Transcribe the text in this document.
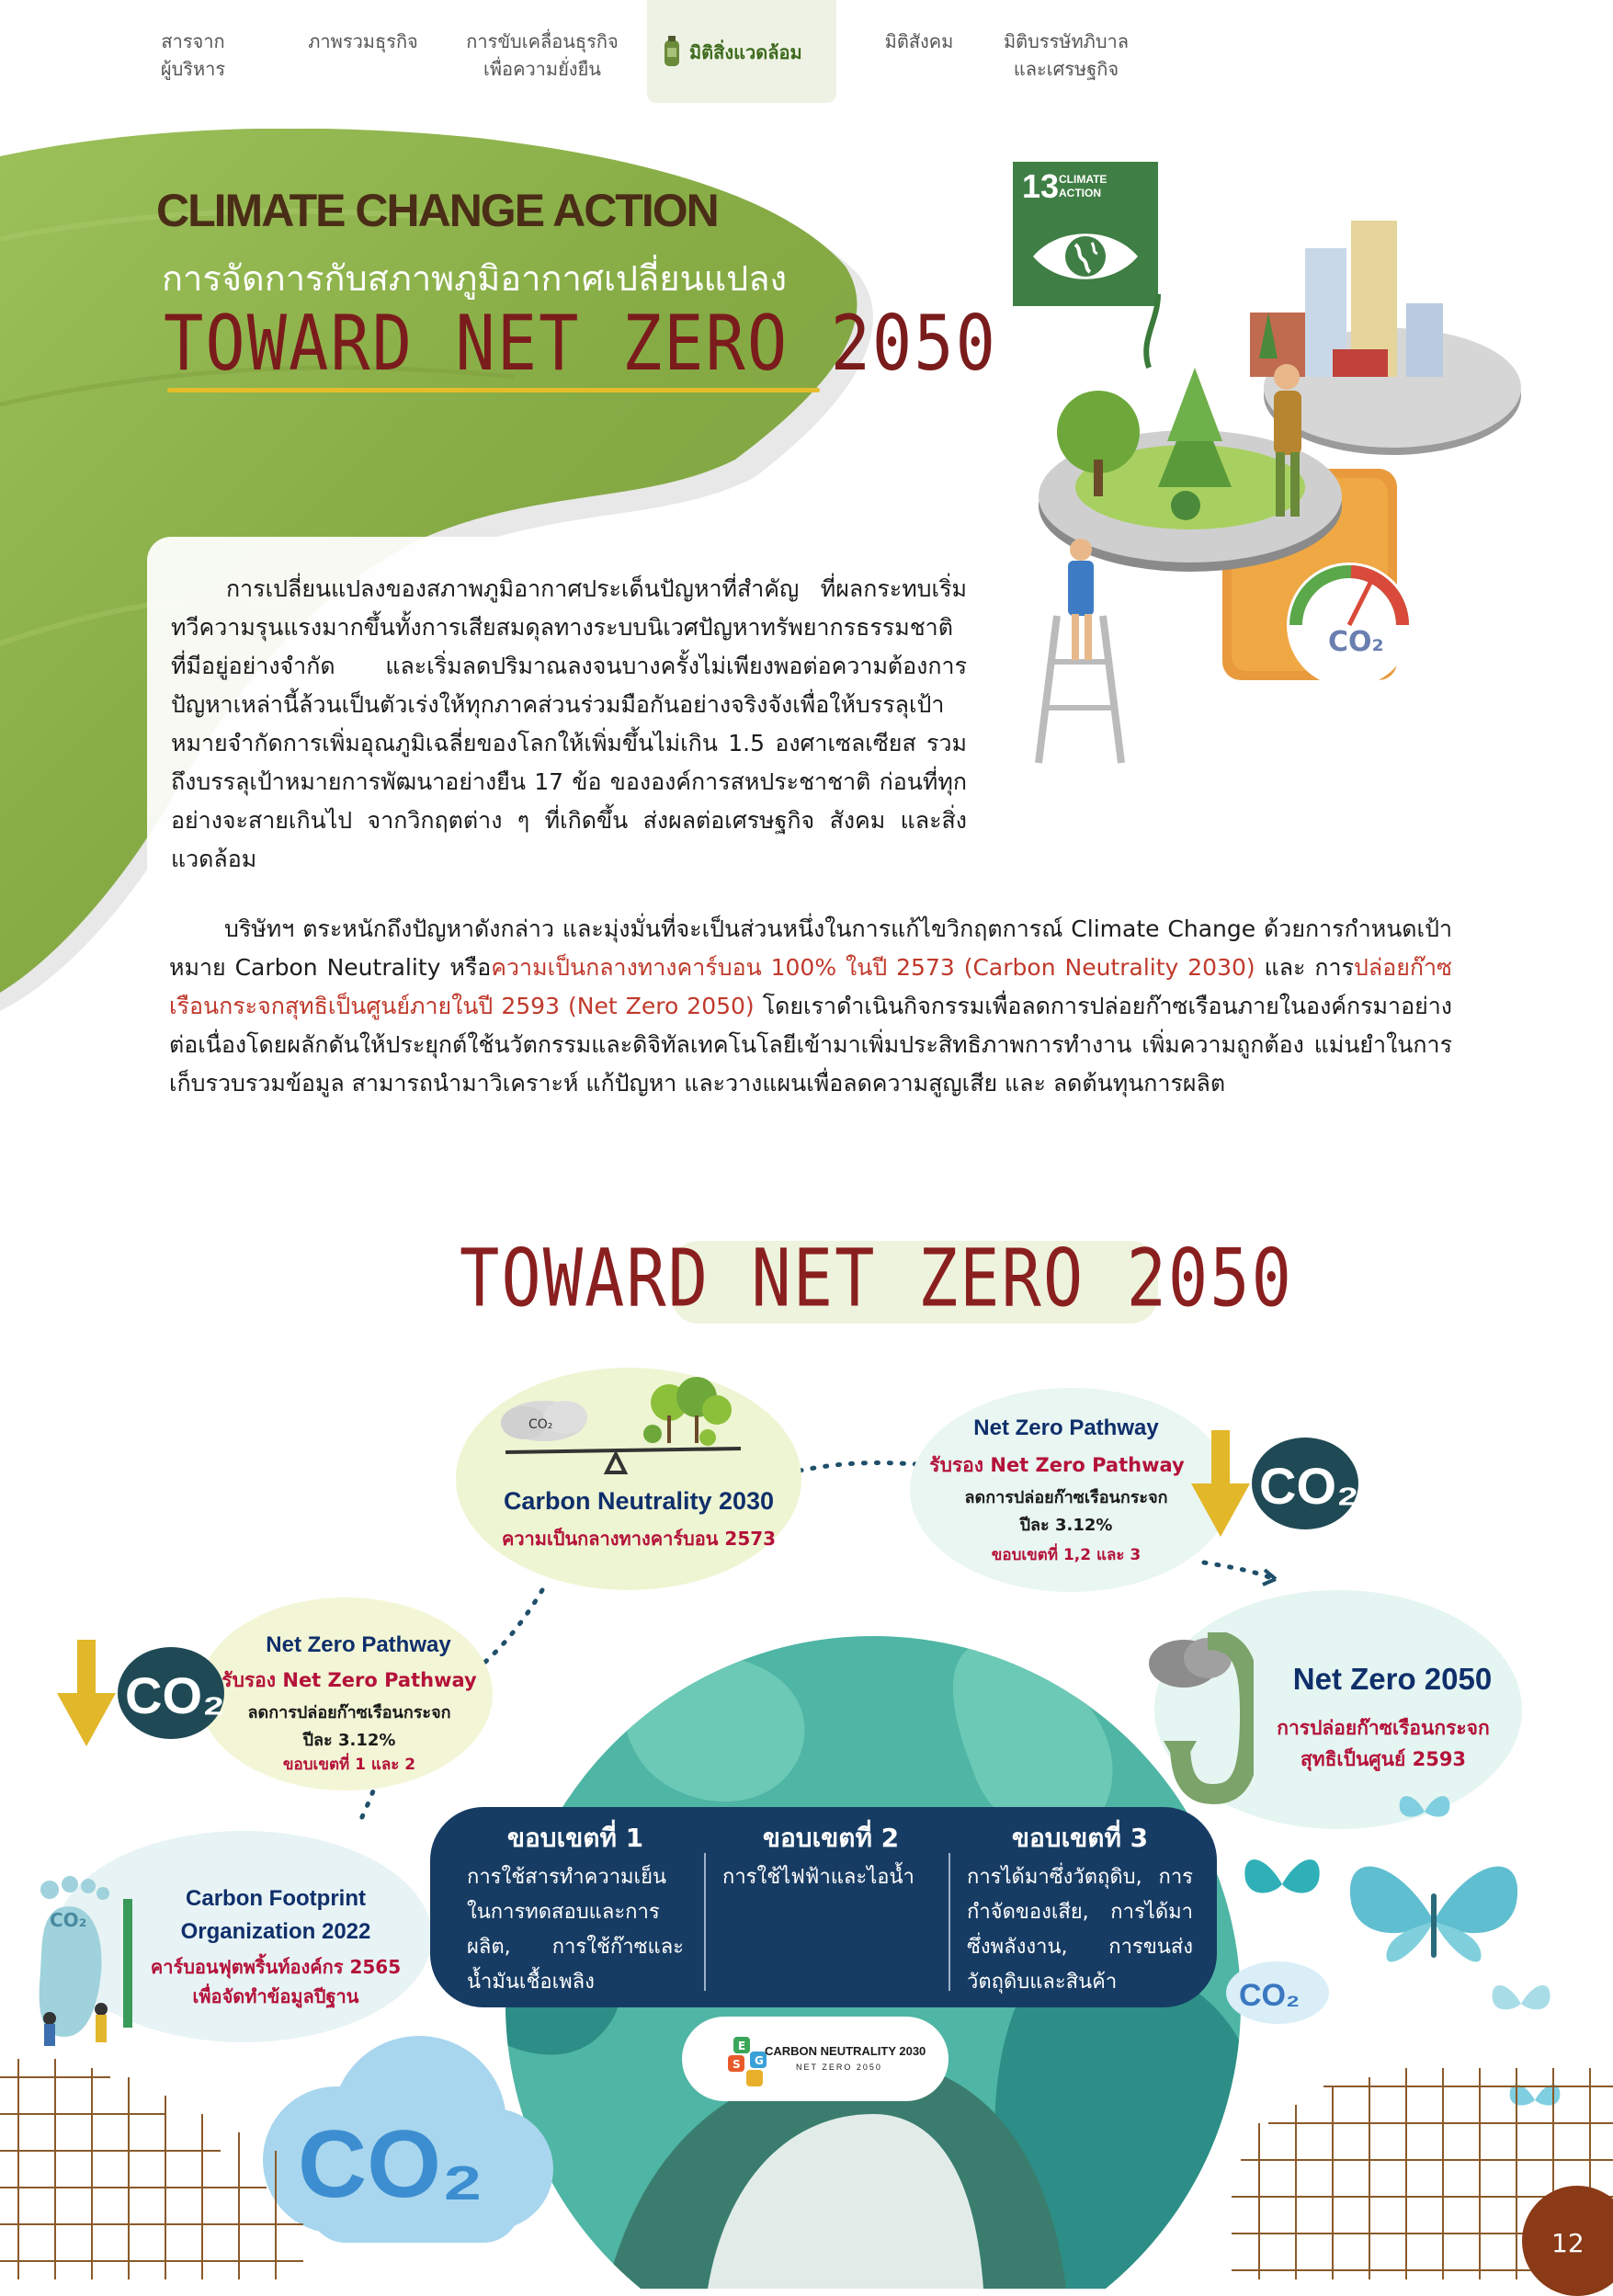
สารจาก
ผู้บริหาร
ภาพรวมธุรกิจ	การขับเคลื่อนธุรกิจ
เพื่อความยั่งยืน
มิติสิ่งแวดล้อม	มิติสังคม	มิติบรรษัทภิบาล
และเศรษฐกิจ
CLIMATE CHANGE ACTION
การจัดการกับสภาพภูมิอากาศเปลี่ยนแปลง
TOWARD NET ZERO 2050
13 CLIMATE
ACTION
CO₂

การเปลี่ยนแปลงของสภาพภูมิอากาศประเด็นปัญหาที่สำคัญ ที่ผลกระทบเริ่มทวีความรุนแรงมากขึ้นทั้งการเสียสมดุลทางระบบนิเวศปัญหาทรัพยากรธรรมชาติที่มีอยู่อย่างจำกัด และเริ่มลดปริมาณลงจนบางครั้งไม่เพียงพอต่อความต้องการ ปัญหาเหล่านี้ล้วนเป็นตัวเร่งให้ทุกภาคส่วนร่วมมือกันอย่างจริงจังเพื่อให้บรรลุเป้าหมายจำกัดการเพิ่มอุณภูมิเฉลี่ยของโลกให้เพิ่มขึ้นไม่เกิน 1.5 องศาเซลเซียส รวมถึงบรรลุเป้าหมายการพัฒนาอย่างยืน 17 ข้อ ขององค์การสหประชาชาติ ก่อนที่ทุกอย่างจะสายเกินไป จากวิกฤตต่าง ๆ ที่เกิดขึ้น ส่งผลต่อเศรษฐกิจ สังคม และสิ่งแวดล้อม

บริษัทฯ ตระหนักถึงปัญหาดังกล่าว และมุ่งมั่นที่จะเป็นส่วนหนึ่งในการแก้ไขวิกฤตการณ์ Climate Change ด้วยการกำหนดเป้าหมาย Carbon Neutrality หรือความเป็นกลางทางคาร์บอน 100% ในปี 2573 (Carbon Neutrality 2030) และ การปล่อยก๊าซเรือนกระจกสุทธิเป็นศูนย์ภายในปี 2593 (Net Zero 2050) โดยเราดำเนินกิจกรรมเพื่อลดการปล่อยก๊าซเรือนภายในองค์กรมาอย่างต่อเนื่องโดยผลักดันให้ประยุกต์ใช้นวัตกรรมและดิจิทัลเทคโนโลยีเข้ามาเพิ่มประสิทธิภาพการทำงาน เพิ่มความถูกต้อง แม่นยำในการเก็บรวบรวมข้อมูล สามารถนำมาวิเคราะห์ แก้ปัญหา และวางแผนเพื่อลดความสูญเสีย และ ลดต้นทุนการผลิต

TOWARD NET ZERO 2050
CO₂
Carbon Neutrality 2030
ความเป็นกลางทางคาร์บอน 2573
Net Zero Pathway
รับรอง Net Zero Pathway
ลดการปล่อยก๊าซเรือนกระจก
ปีละ 3.12%
ขอบเขตที่ 1,2 และ 3
CO₂
Net Zero Pathway
รับรอง Net Zero Pathway
ลดการปล่อยก๊าซเรือนกระจก
ปีละ 3.12%
ขอบเขตที่ 1 และ 2
CO₂	Net Zero 2050
การปล่อยก๊าซเรือนกระจก
สุทธิเป็นศูนย์ 2593
CO₂
Carbon Footprint
Organization 2022
คาร์บอนฟุตพริ้นท์องค์กร 2565
เพื่อจัดทำข้อมูลปีฐาน
ขอบเขตที่ 1
การใช้สารทำความเย็นในการทดสอบและการผลิต, การใช้ก๊าซและน้ำมันเชื้อเพลิง
ขอบเขตที่ 2
การใช้ไฟฟ้าและไอน้ำ
ขอบเขตที่ 3
การได้มาซึ่งวัตถุดิบ, การกำจัดของเสีย, การได้มาซึ่งพลังงาน, การขนส่งวัตถุดิบและสินค้า
E
S G
CARBON NEUTRALITY 2030
NET ZERO 2050
CO₂
CO₂
12
